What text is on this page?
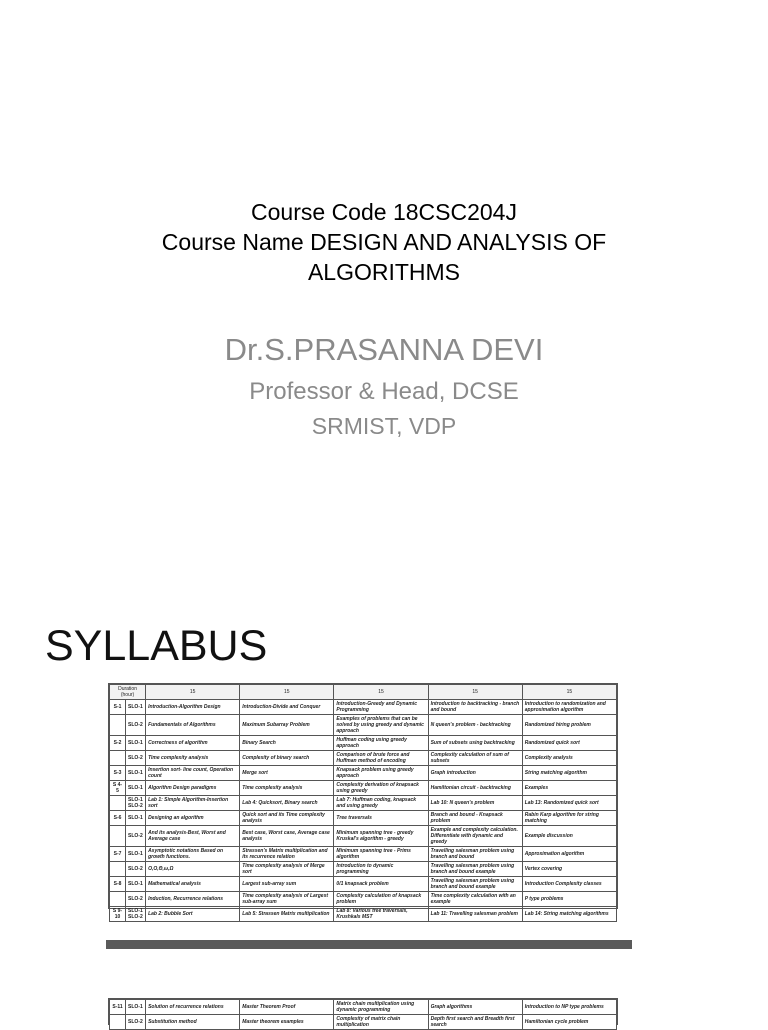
Course Code 18CSC204J
Course Name DESIGN AND ANALYSIS OF
ALGORITHMS
Dr.S.PRASANNA DEVI
Professor & Head, DCSE
SRMIST, VDP
SYLLABUS
Duration (hour)		15	15	15	15	15
S-1	SLO-1	Introduction-Algorithm Design	Introduction-Divide and Conquer	Introduction-Greedy and Dynamic Programming	Introduction to backtracking - branch and bound	Introduction to randomization and approximation algorithm
	SLO-2	Fundamentals of Algorithms	Maximum Subarray Problem	Examples of problems that can be solved by using greedy and dynamic approach	N queen's problem - backtracking	Randomized hiring problem
S-2	SLO-1	Correctness of algorithm	Binary Search	Huffman coding using greedy approach	Sum of subsets using backtracking	Randomized quick sort
	SLO-2	Time complexity analysis	Complexity of binary search	Comparison of brute force and Huffman method of encoding	Complexity calculation of sum of subsets	Complexity analysis
S-3	SLO-1	Insertion sort- line count, Operation count	Merge sort	Knapsack problem using greedy approach	Graph introduction	String matching algorithm
S 4-5	SLO-1	Algorithm Design paradigms	Time complexity analysis	Complexity derivation of knapsack using greedy	Hamiltonian circuit - backtracking	Examples
	SLO-1 SLO-2	Lab 1: Simple Algorithm-Insertion sort	Lab 4: Quicksort, Binary search	Lab 7: Huffman coding, knapsack and using greedy	Lab 10: N queen's problem	Lab 13: Randomized quick sort
S-6	SLO-1	Designing an algorithm	Quick sort and its Time complexity analysis	Tree traversals	Branch and bound - Knapsack problem	Rabin Karp algorithm for string matching
	SLO-2	And its analysis-Best, Worst and Average case	Best case, Worst case, Average case analysis	Minimum spanning tree - greedy Kruskal's algorithm - greedy	Example and complexity calculation. Differentiate with dynamic and greedy	Example discussion
S-7	SLO-1	Asymptotic notations Based on growth functions.	Strassen's Matrix multiplication and its recurrence relation	Minimum spanning tree - Prims algorithm	Travelling salesman problem using branch and bound	Approximation algorithm
	SLO-2	O,O,Θ,ω,Ω	Time complexity analysis of Merge sort	Introduction to dynamic programming	Travelling salesman problem using branch and bound example	Vertex covering
S-8	SLO-1	Mathematical analysis	Largest sub-array sum	0/1 knapsack problem	Travelling salesman problem using branch and bound example	Introduction Complexity classes
	SLO-2	Induction, Recurrence relations	Time complexity analysis of Largest sub-array sum	Complexity calculation of knapsack problem	Time complexity calculation with an example	P type problems
S 9-10	SLO-1 SLO-2	Lab 2: Bubble Sort	Lab 5: Strassen Matrix multiplication	Lab 8: Various tree traversals, Krushkals MST	Lab 11: Travelling salesman problem	Lab 14: String matching algorithms
S-11	SLO-1	Solution of recurrence relations	Master Theorem Proof	Matrix chain multiplication using dynamic programming	Graph algorithms	Introduction to NP type problems
	SLO-2	Substitution method	Master theorem examples	Complexity of matrix chain multiplication	Depth first search and Breadth first search	Hamiltonian cycle problem
